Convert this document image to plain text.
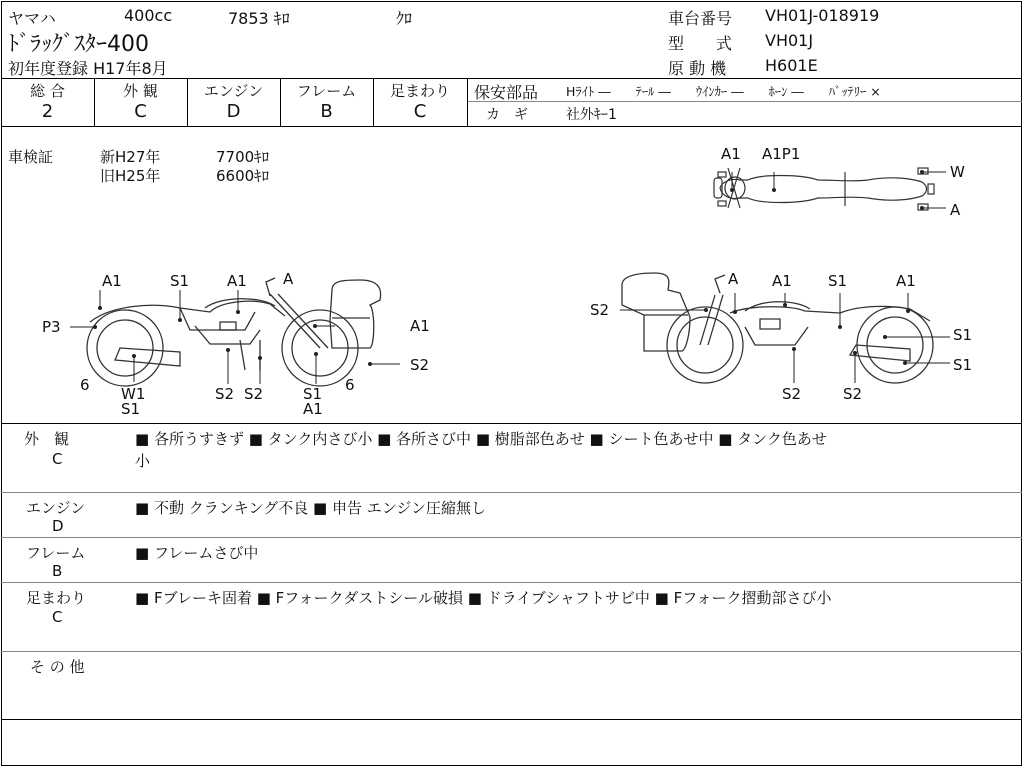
ヤマハ	400cc	7853 ｷﾛ	ｸﾛ
ﾄﾞﾗｯｸﾞｽﾀｰ400
初年度登録 H17年8月
車台番号 VH01J-018919
型　　式 VH01J
原 動 機 H601E
総 合	外 観	エンジン	フレーム	足まわり
2	C	D	B	C
保安部品 Hﾗｲﾄ ―　　ﾃｰﾙ ―　　ｳｲﾝｶｰ ―　　ﾎｰﾝ ―　　ﾊﾞｯﾃﾘｰ ×
カ　ギ	社外ｷｰ1
車検証	新H27年	7700ｷﾛ
旧H25年	6600ｷﾛ
A1 A1P1
W
A
A1	S1	A1 A
P3	A1
S2
6	6
W1
S1
S2 S2	S1
A1
A A1 S1	A1
S2
S1
S1
S2	S2
外　観
C
■ 各所うすきず ■ タンク内さび小 ■ 各所さび中 ■ 樹脂部色あせ ■ シート色あせ中 ■ タンク色あせ
小
エンジン
D
■ 不動 クランキング不良 ■ 申告 エンジン圧縮無し
フレーム
B
■ フレームさび中
足まわり
C
■ Fブレーキ固着 ■ Fフォークダストシール破損 ■ ドライブシャフトサビ中 ■ Fフォーク摺動部さび小
そ の 他
